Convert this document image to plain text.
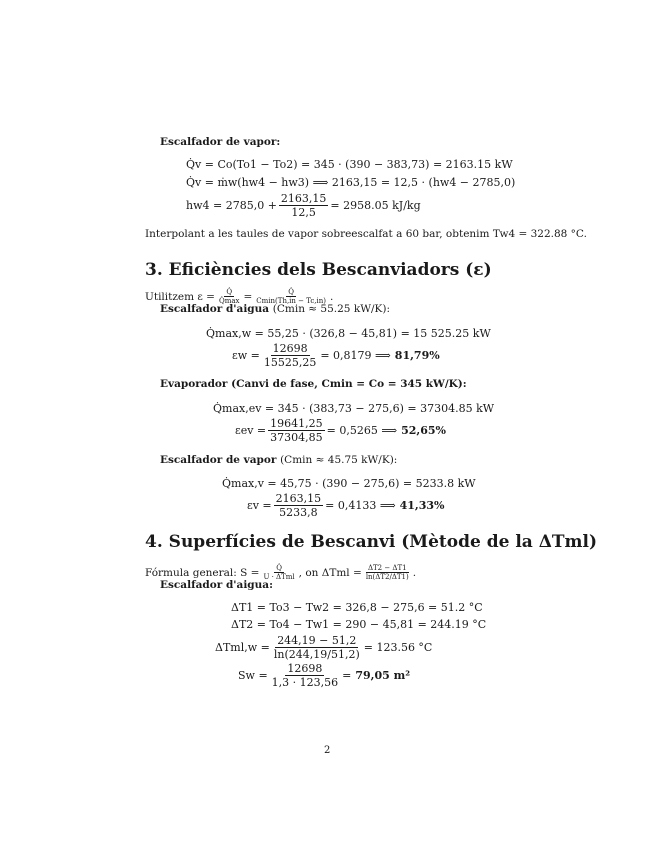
Escalfador de vapor:
Q̇v = Co(To1 − To2) = 345 · (390 − 383,73) = 2163.15 kW
Q̇v = ṁw(hw4 − hw3) ⟹ 2163,15 = 12,5 · (hw4 − 2785,0)
$hw4 = 2785,0 + \frac{2163,15}{12,5} = 2958.05$ kJ/kg
Interpolant a les taules de vapor sobreescalfat a 60 bar, obtenim Tw4 = 322.88 °C.
3. Eficiències dels Bescanviadors (ε)
Utilitzem $\varepsilon = \frac{Q̇}{Q̇\max} = \frac{Q̇}{Cmin(Th,in - Tc,in)}$ .
Escalfador d'aigua (Cmin ≈ 55.25 kW/K):
Q̇max,w = 55,25 · (326,8 − 45,81) = 15 525.25 kW
$\varepsilon w = \frac{12698}{15525,25} = 0,8179$ ⟹ 81,79%
Evaporador (Canvi de fase, Cmin = Co = 345 kW/K):
Q̇max,ev = 345 · (383,73 − 275,6) = 37304.85 kW
$\varepsilon ev = \frac{19641,25}{37304,85} = 0,5265$ ⟹ 52,65%
Escalfador de vapor (Cmin ≈ 45.75 kW/K):
Q̇max,v = 45,75 · (390 − 275,6) = 5233.8 kW
$\varepsilon v = \frac{2163,15}{5233,8} = 0,4133$ ⟹ 41,33%
4. Superfícies de Bescanvi (Mètode de la ΔTml)
Fórmula general: $S = \frac{Q̇}{\text{U · ΔTml}}$ , on $\Delta Tml = \frac{\Delta T2 - \Delta T1}{\ln(\Delta T2/\Delta T1)}$ .
Escalfador d'aigua:
ΔT1 = To3 − Tw2 = 326,8 − 275,6 = 51.2 °C
ΔT2 = To4 − Tw1 = 290 − 45,81 = 244.19 °C
$\Delta Tml,w = \frac{244,19 - 51,2}{\ln(244,19/51,2)} = 123.56$ °C
$Sw = \frac{12698}{1,3 \cdot 123,56} = 79,05$ m²
2
